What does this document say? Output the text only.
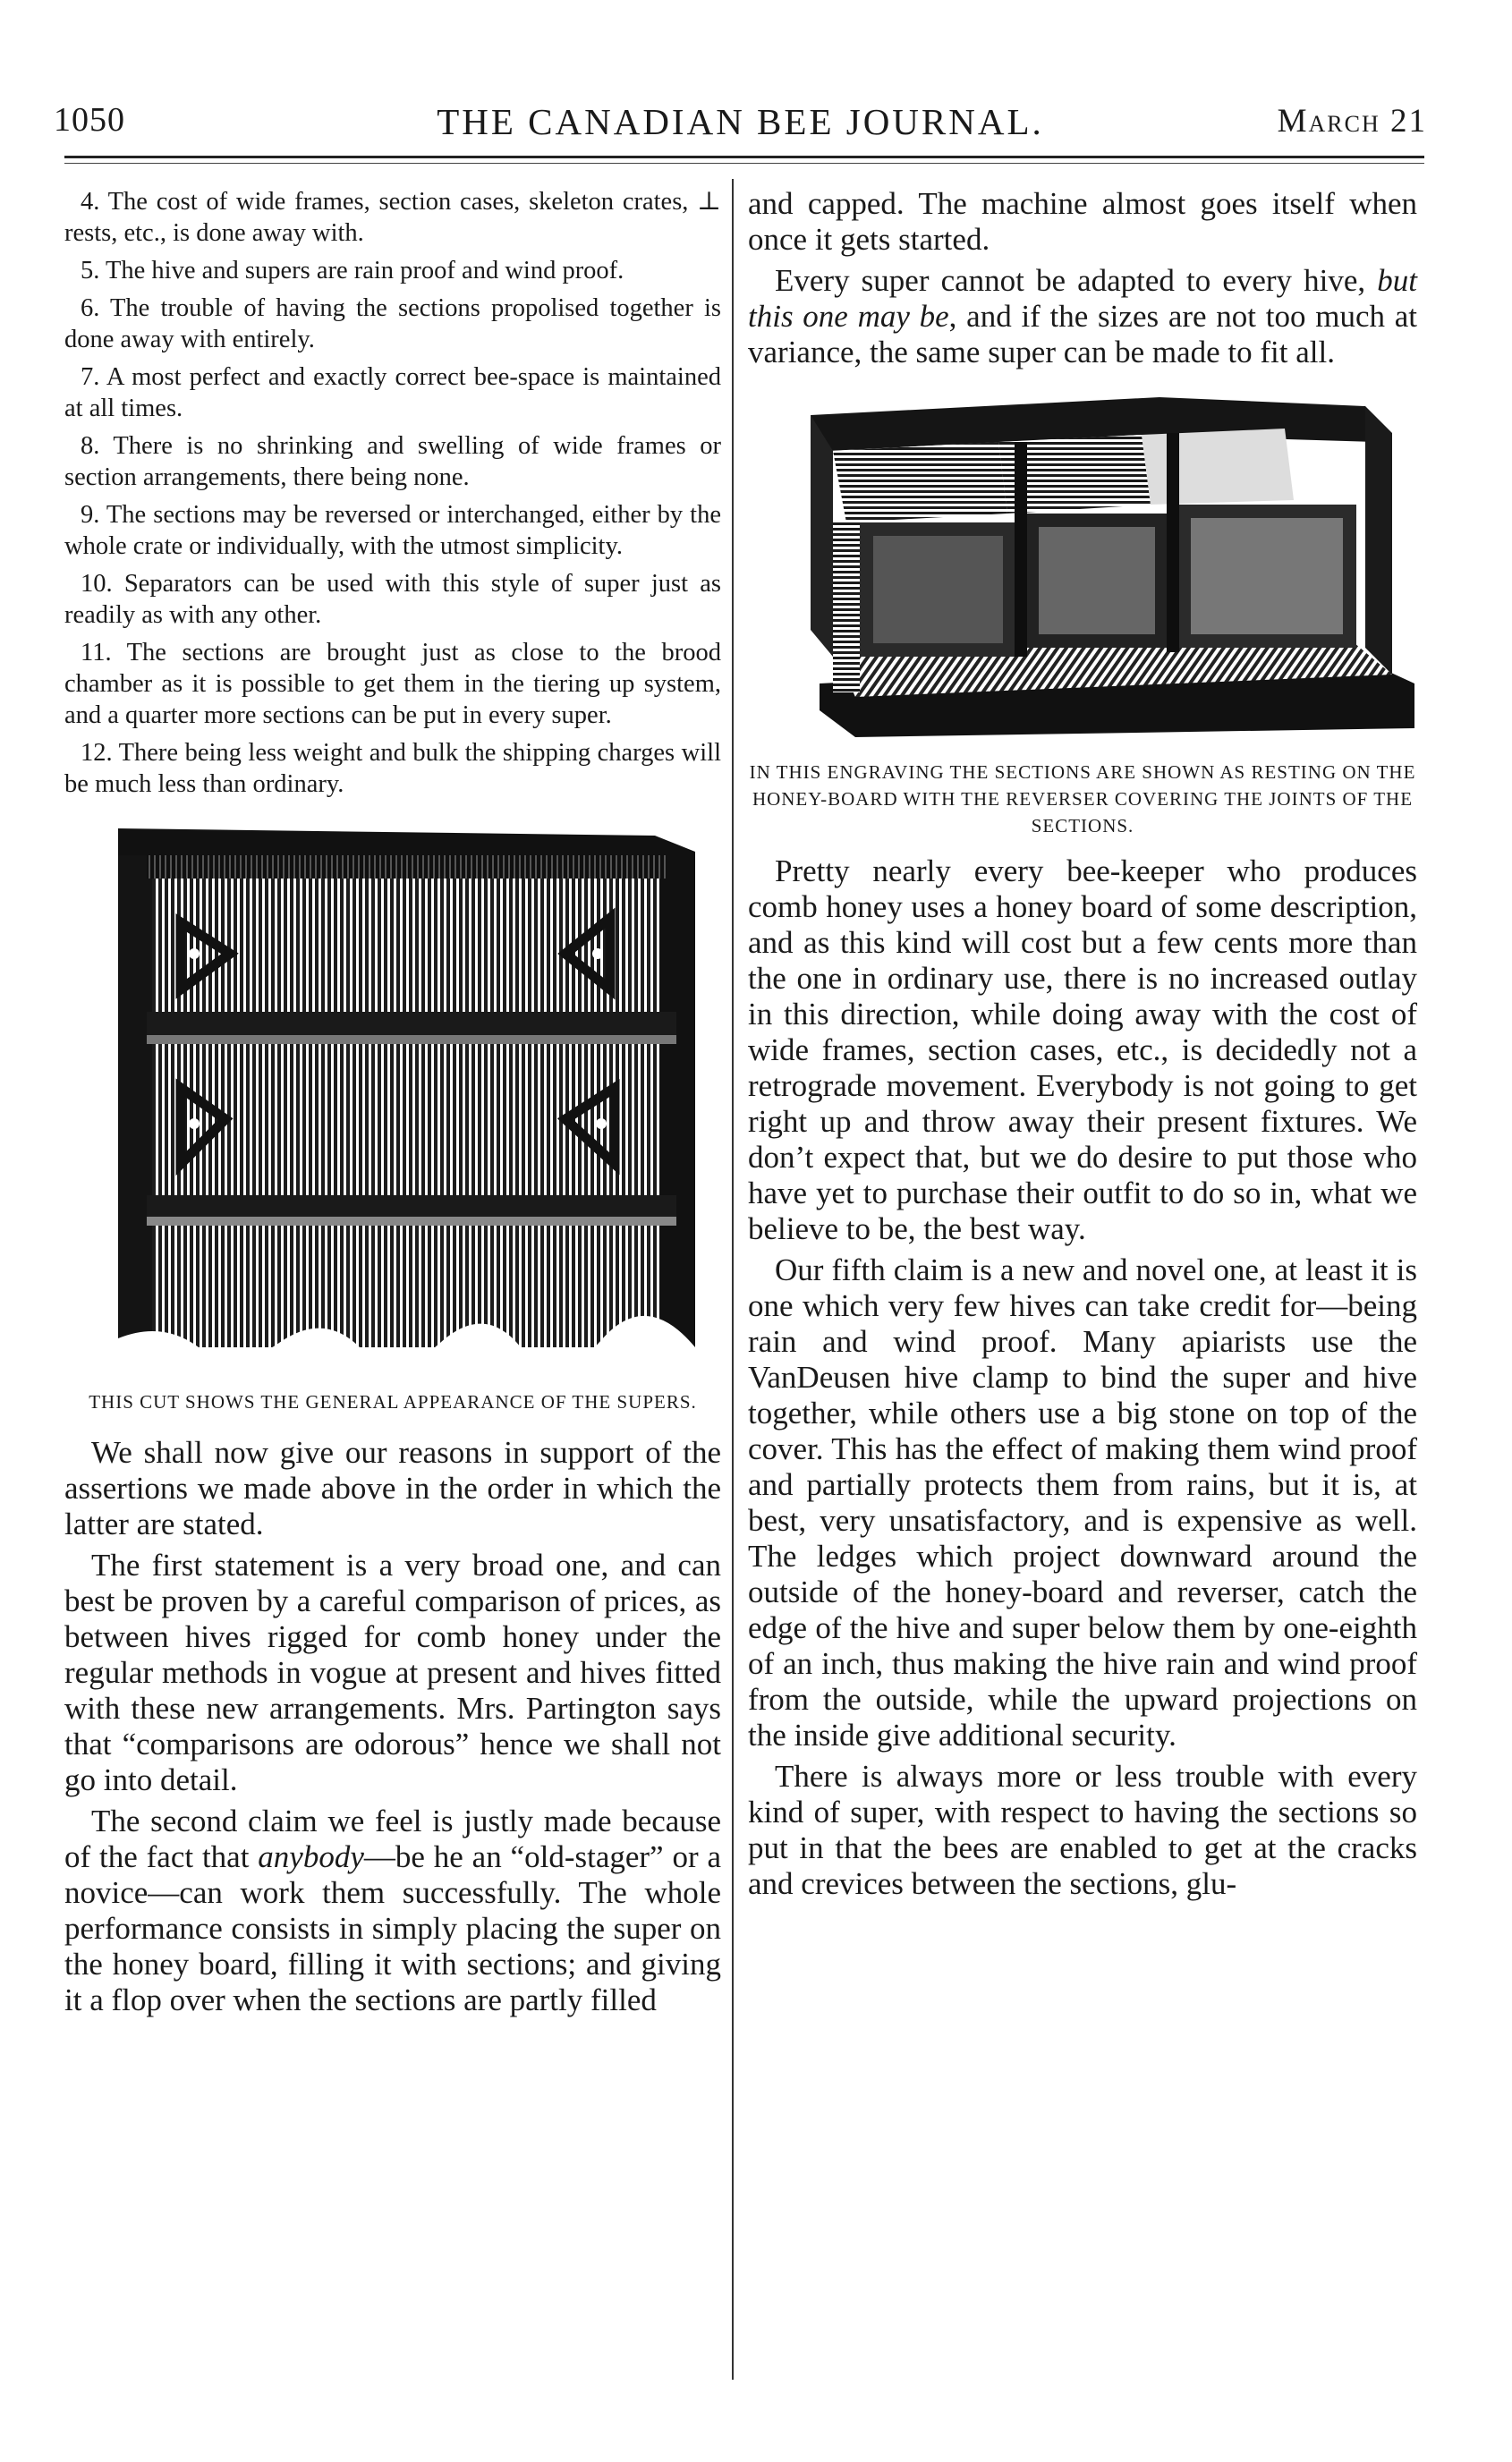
1050	THE CANADIAN BEE JOURNAL.	March 21

4. The cost of wide frames, section cases, skeleton crates, ⊥ rests, etc., is done away with.

5. The hive and supers are rain proof and wind proof.

6. The trouble of having the sections propolised together is done away with entirely.

7. A most perfect and exactly correct bee-space is maintained at all times.

8. There is no shrinking and swelling of wide frames or section arrangements, there being none.

9. The sections may be reversed or interchanged, either by the whole crate or individually, with the utmost simplicity.

10. Separators can be used with this style of super just as readily as with any other.

11. The sections are brought just as close to the brood chamber as it is possible to get them in the tiering up system, and a quarter more sections can be put in every super.

12. There being less weight and bulk the shipping charges will be much less than ordinary.

THIS CUT SHOWS THE GENERAL APPEARANCE OF THE SUPERS.

We shall now give our reasons in support of the assertions we made above in the order in which the latter are stated.

The first statement is a very broad one, and can best be proven by a careful comparison of prices, as between hives rigged for comb honey under the regular methods in vogue at present and hives fitted with these new arrangements. Mrs. Partington says that “comparisons are odorous” hence we shall not go into detail.

The second claim we feel is justly made because of the fact that anybody—be he an “old-stager” or a novice—can work them successfully. The whole performance consists in simply placing the super on the honey board, filling it with sections; and giving it a flop over when the sections are partly filled

and capped. The machine almost goes itself when once it gets started.

Every super cannot be adapted to every hive, but this one may be, and if the sizes are not too much at variance, the same super can be made to fit all.

IN THIS ENGRAVING THE SECTIONS ARE SHOWN AS RESTING ON THE HONEY-BOARD WITH THE REVERSER COVERING THE JOINTS OF THE SECTIONS.

Pretty nearly every bee-keeper who produces comb honey uses a honey board of some description, and as this kind will cost but a few cents more than the one in ordinary use, there is no increased outlay in this direction, while doing away with the cost of wide frames, section cases, etc., is decidedly not a retrograde movement. Everybody is not going to get right up and throw away their present fixtures. We don’t expect that, but we do desire to put those who have yet to purchase their outfit to do so in, what we believe to be, the best way.

Our fifth claim is a new and novel one, at least it is one which very few hives can take credit for—being rain and wind proof. Many apiarists use the VanDeusen hive clamp to bind the super and hive together, while others use a big stone on top of the cover. This has the effect of making them wind proof and partially protects them from rains, but it is, at best, very unsatisfactory, and is expensive as well. The ledges which project downward around the outside of the honey-board and reverser, catch the edge of the hive and super below them by one-eighth of an inch, thus making the hive rain and wind proof from the outside, while the upward projections on the inside give additional security.

There is always more or less trouble with every kind of super, with respect to having the sections so put in that the bees are enabled to get at the cracks and crevices between the sections, glu-
